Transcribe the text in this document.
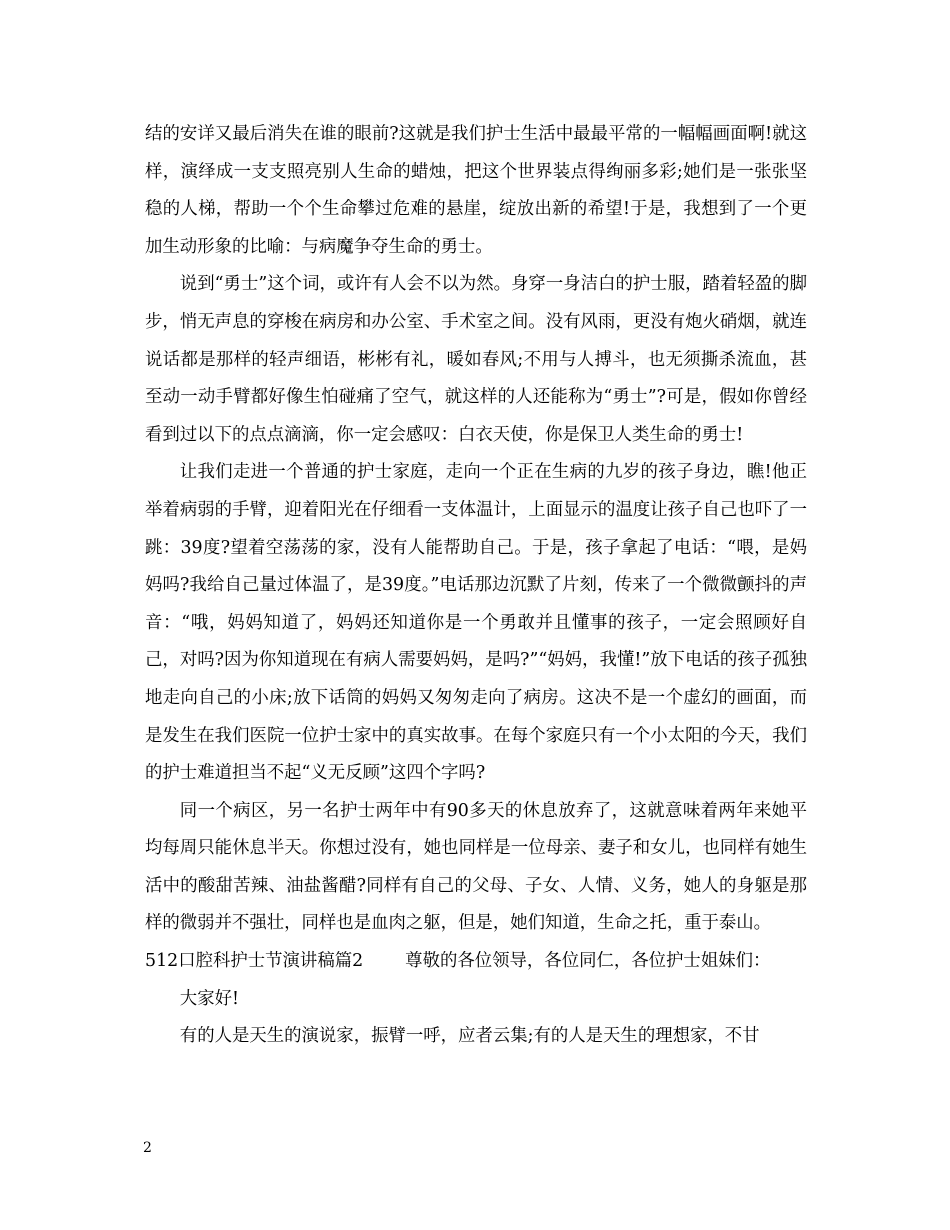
结的安详又最后消失在谁的眼前?这就是我们护士生活中最最平常的一幅幅画面啊!就这样，演绎成一支支照亮别人生命的蜡烛，把这个世界装点得绚丽多彩;她们是一张张坚稳的人梯，帮助一个个生命攀过危难的悬崖，绽放出新的希望!于是，我想到了一个更加生动形象的比喻：与病魔争夺生命的勇士。

说到“勇士”这个词，或许有人会不以为然。身穿一身洁白的护士服，踏着轻盈的脚步，悄无声息的穿梭在病房和办公室、手术室之间。没有风雨，更没有炮火硝烟，就连说话都是那样的轻声细语，彬彬有礼，暖如春风;不用与人搏斗，也无须撕杀流血，甚至动一动手臂都好像生怕碰痛了空气，就这样的人还能称为“勇士”?可是，假如你曾经看到过以下的点点滴滴，你一定会感叹：白衣天使，你是保卫人类生命的勇士!

让我们走进一个普通的护士家庭，走向一个正在生病的九岁的孩子身边，瞧!他正举着病弱的手臂，迎着阳光在仔细看一支体温计，上面显示的温度让孩子自己也吓了一跳：39度?望着空荡荡的家，没有人能帮助自己。于是，孩子拿起了电话：“喂，是妈妈吗?我给自己量过体温了，是39度。”电话那边沉默了片刻，传来了一个微微颤抖的声音：“哦，妈妈知道了，妈妈还知道你是一个勇敢并且懂事的孩子，一定会照顾好自己，对吗?因为你知道现在有病人需要妈妈，是吗?”“妈妈，我懂!”放下电话的孩子孤独地走向自己的小床;放下话筒的妈妈又匆匆走向了病房。这决不是一个虚幻的画面，而是发生在我们医院一位护士家中的真实故事。在每个家庭只有一个小太阳的今天，我们的护士难道担当不起“义无反顾”这四个字吗?

同一个病区，另一名护士两年中有90多天的休息放弃了，这就意味着两年来她平均每周只能休息半天。你想过没有，她也同样是一位母亲、妻子和女儿，也同样有她生活中的酸甜苦辣、油盐酱醋?同样有自己的父母、子女、人情、义务，她人的身躯是那样的微弱并不强壮，同样也是血肉之躯，但是，她们知道，生命之托，重于泰山。

512口腔科护士节演讲稿篇2 尊敬的各位领导，各位同仁，各位护士姐妹们：

大家好!

有的人是天生的演说家，振臂一呼，应者云集;有的人是天生的理想家，不甘

2
